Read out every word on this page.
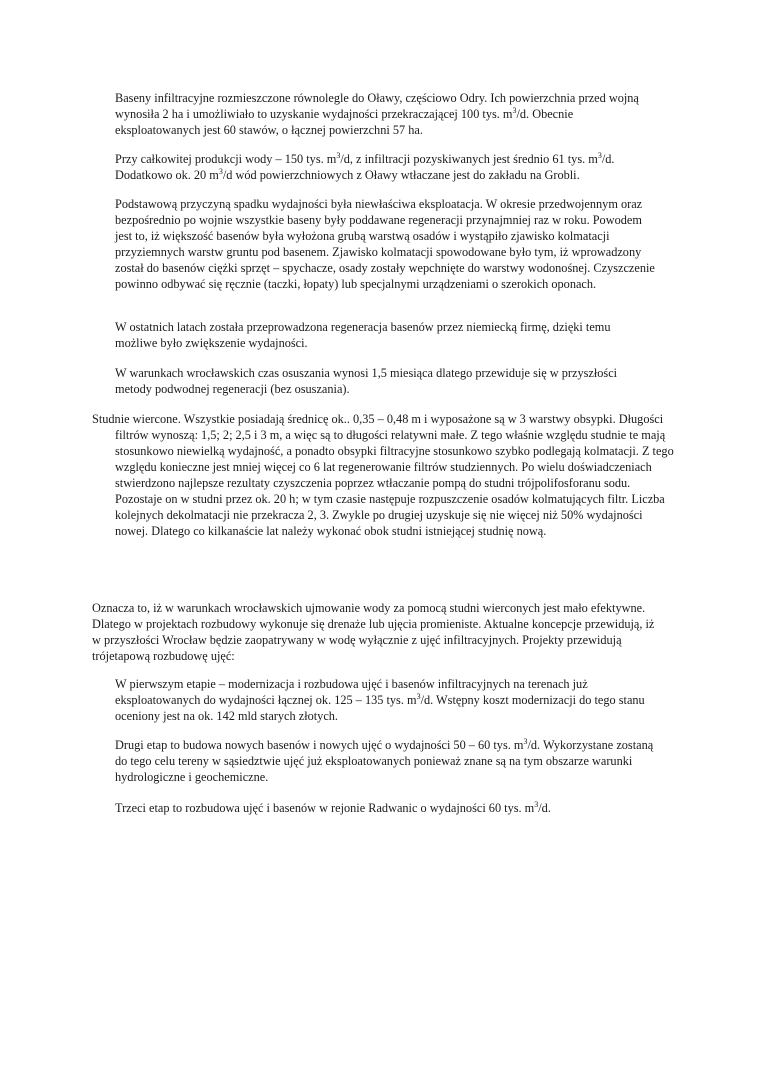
Baseny infiltracyjne rozmieszczone równolegle do Oławy, częściowo Odry. Ich powierzchnia przed wojną wynosiła 2 ha i umożliwiało to uzyskanie wydajności przekraczającej 100 tys. $m^3/d$. Obecnie eksploatowanych jest 60 stawów, o łącznej powierzchni 57 ha.

Przy całkowitej produkcji wody – 150 tys. $m^3/d$, z infiltracji pozyskiwanych jest średnio 61 tys. $m^3/d$. Dodatkowo ok. 20 $m^3/d$ wód powierzchniowych z Oławy wtłaczane jest do zakładu na Grobli.

Podstawową przyczyną spadku wydajności była niewłaściwa eksploatacja. W okresie przedwojennym oraz bezpośrednio po wojnie wszystkie baseny były poddawane regeneracji przynajmniej raz w roku. Powodem jest to, iż większość basenów była wyłożona grubą warstwą osadów i wystąpiło zjawisko kolmatacji przyziemnych warstw gruntu pod basenem. Zjawisko kolmatacji spowodowane było tym, iż wprowadzony został do basenów ciężki sprzęt – spychacze, osady zostały wepchnięte do warstwy wodonośnej. Czyszczenie powinno odbywać się ręcznie (taczki, łopaty) lub specjalnymi urządzeniami o szerokich oponach.

W ostatnich latach została przeprowadzona regeneracja basenów przez niemiecką firmę, dzięki temu możliwe było zwiększenie wydajności.

W warunkach wrocławskich czas osuszania wynosi 1,5 miesiąca dlatego przewiduje się w przyszłości metody podwodnej regeneracji (bez osuszania).

Studnie wiercone. Wszystkie posiadają średnicę ok.. 0,35 – 0,48 m i wyposażone są w 3 warstwy obsypki. Długości filtrów wynoszą: 1,5; 2; 2,5 i 3 m, a więc są to długości relatywni małe. Z tego właśnie względu studnie te mają stosunkowo niewielką wydajność, a ponadto obsypki filtracyjne stosunkowo szybko podlegają kolmatacji. Z tego względu konieczne jest mniej więcej co 6 lat regenerowanie filtrów studziennych. Po wielu doświadczeniach stwierdzono najlepsze rezultaty czyszczenia poprzez wtłaczanie pompą do studni trójpolifosforanu sodu. Pozostaje on w studni przez ok. 20 h; w tym czasie następuje rozpuszczenie osadów kolmatujących filtr. Liczba kolejnych dekolmatacji nie przekracza 2, 3. Zwykle po drugiej uzyskuje się nie więcej niż 50% wydajności nowej. Dlatego co kilkanaście lat należy wykonać obok studni istniejącej studnię nową.

Oznacza to, iż w warunkach wrocławskich ujmowanie wody za pomocą studni wierconych jest mało efektywne. Dlatego w projektach rozbudowy wykonuje się drenaże lub ujęcia promieniste. Aktualne koncepcje przewidują, iż w przyszłości Wrocław będzie zaopatrywany w wodę wyłącznie z ujęć infiltracyjnych. Projekty przewidują trójetapową rozbudowę ujęć:

W pierwszym etapie – modernizacja i rozbudowa ujęć i basenów infiltracyjnych na terenach już eksploatowanych do wydajności łącznej ok. 125 – 135 tys. $m^3/d$. Wstępny koszt modernizacji do tego stanu oceniony jest na ok. 142 mld starych złotych.

Drugi etap to budowa nowych basenów i nowych ujęć o wydajności 50 – 60 tys. $m^3/d$. Wykorzystane zostaną do tego celu tereny w sąsiedztwie ujęć już eksploatowanych ponieważ znane są na tym obszarze warunki hydrologiczne i geochemiczne.

Trzeci etap to rozbudowa ujęć i basenów w rejonie Radwanic o wydajności 60 tys. $m^3/d$.
